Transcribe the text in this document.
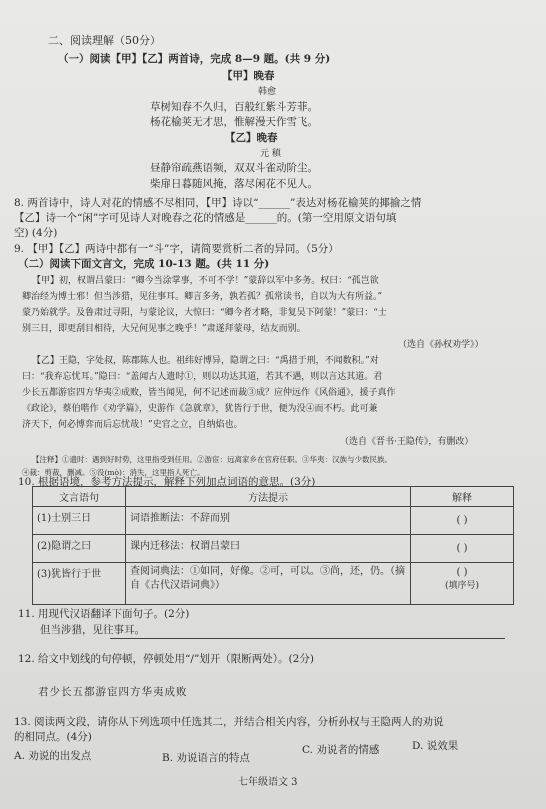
二、阅读理解（50分）
（一）阅读【甲】【乙】两首诗，完成 8—9 题。(共 9 分)
【甲】晚春
韩愈
草树知春不久归，百般红紫斗芳菲。
杨花榆荚无才思，惟解漫天作雪飞。
【乙】晚春
元 稹
昼静帘疏燕语频，双双斗雀动阶尘。
柴扉日暮随风掩，落尽闲花不见人。
8. 两首诗中，诗人对花的情感不尽相同，【甲】诗以“______”表达对杨花榆荚的揶揄之情
【乙】诗一个“闲”字可见诗人对晚春之花的情感是______的。(第一空用原文语句填
空) (4分)
9. 【甲】【乙】两诗中都有一“斗”字，请简要赏析二者的异同。（5分）
（二）阅读下面文言文，完成 10-13 题。(共 11 分)
【甲】初，权谓吕蒙曰：“卿今当涂掌事，不可不学！”蒙辞以军中多务。权曰：“孤岂欲
卿治经为博士邪！但当涉猎，见往事耳。卿言多务，孰若孤？孤常读书，自以为大有所益。”
蒙乃始就学。及鲁肃过寻阳，与蒙论议，大惊曰：“卿今者才略，非复吴下阿蒙！”蒙曰：“士
别三日，即更刮目相待，大兄何见事之晚乎！”肃遂拜蒙母，结友而别。
（选自《孙权劝学》）
【乙】王隐，字处叔，陈郡陈人也。祖纬好博异，隐谓之曰：“禹措于刑，不闻数积。”对
曰：“我弃忘忧耳。”隐曰：“盖闻古人遗时①，则以功达其道，若其不遇，则以言达其道。君
少长五都游宦四方华夷②成败，皆当闻见，何不记述而裁③成？应仲远作《风俗通》，援子真作
《政论》，蔡伯喈作《劝学篇》，史游作《急就章》，犹皆行于世，便为没④而不朽。此可兼
济天下，何必博弈而后忘忧哉！”史官之立，自纳焰也。
（选自《晋书·王隐传》，有删改）
【注释】①遗时：遇到好时势，这里指受到任用。②游宦：远离家乡在官府任职。③华夷：汉族与少数民族。
④裁：剪裁，删减。⑤没(mò)：消失，这里指人死亡。
10. 根据语境，参考方法提示，解释下列加点词语的意思。(3分)
文言语句	方法提示	解释
(1)士别三日	词语推断法：不辞而别	( )

(2)隐谓之曰	课内迁移法：权谓吕蒙曰	( )

(3)犹皆行于世	查阅词典法：①如同，好像。②可，可以。③尚，还，仍。（摘自《古代汉语词典》）	( )
(填序号)
11. 用现代汉语翻译下面句子。(2分)
但当涉猎，见往事耳。
12. 给文中划线的句停顿，停顿处用“/”划开（限断两处）。(2分)
君少长五都游宦四方华夷成败
13. 阅读两文段，请你从下列选项中任选其二，并结合相关内容，分析孙权与王隐两人的劝说
的相同点。(4分)
A. 劝说的出发点	B. 劝说语言的特点
C. 劝说者的情感	D. 说效果
七年级语文 3
